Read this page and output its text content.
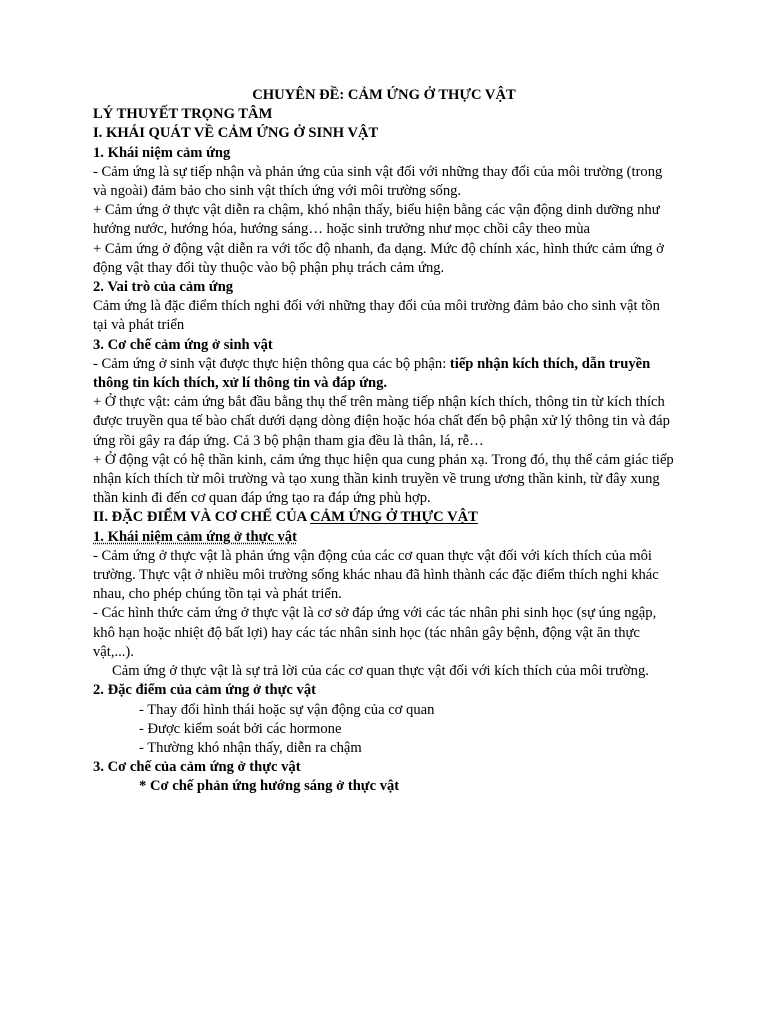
CHUYÊN ĐỀ: CẢM ỨNG Ở THỰC VẬT
LÝ THUYẾT TRỌNG TÂM
I. KHÁI QUÁT VỀ CẢM ỨNG Ở SINH VẬT
1. Khái niệm cảm ứng
- Cảm ứng là sự tiếp nhận và phản ứng của sinh vật đối với những thay đổi của môi trường (trong và ngoài) đảm bảo cho sinh vật thích ứng với môi trường sống.
+ Cảm ứng ở thực vật diễn ra chậm, khó nhận thấy, biểu hiện bằng các vận động dinh dưỡng như hướng nước, hướng hóa, hướng sáng… hoặc sinh trưởng như mọc chồi cây theo mùa
+ Cảm ứng ở động vật diễn ra với tốc độ nhanh, đa dạng. Mức độ chính xác, hình thức cảm ứng ở động vật thay đổi tùy thuộc vào bộ phận phụ trách cảm ứng.
2. Vai trò của cảm ứng
Cảm ứng là đặc điểm thích nghi đối với những thay đổi của môi trường đảm bảo cho sinh vật tồn tại và phát triển
3. Cơ chế cảm ứng ở sinh vật
- Cảm ứng ở sinh vật được thực hiện thông qua các bộ phận: tiếp nhận kích thích, dẫn truyền thông tin kích thích, xử lí thông tin và đáp ứng.
+ Ở thực vật: cảm ứng bắt đầu bằng thụ thể trên màng tiếp nhận kích thích, thông tin từ kích thích được truyền qua tế bào chất dưới dạng dòng điện hoặc hóa chất đến bộ phận xử lý thông tin và đáp ứng rồi gây ra đáp ứng. Cả 3 bộ phận tham gia đều là thân, lá, rễ…
+ Ở động vật có hệ thần kinh, cảm ứng thục hiện qua cung phản xạ. Trong đó, thụ thể cảm giác tiếp nhận kích thích từ môi trường và tạo xung thần kinh truyền về trung ương thần kinh, từ đây xung thần kinh đi đến cơ quan đáp ứng tạo ra đáp ứng phù hợp.
II. ĐẶC ĐIỂM VÀ CƠ CHẾ CỦA CẢM ỨNG Ở THỰC VẬT
1. Khái niệm cảm ứng ở thực vật
- Cảm ứng ở thực vật là phản ứng vận động của các cơ quan thực vật đối với kích thích của môi trường. Thực vật ở nhiều môi trường sống khác nhau đã hình thành các đặc điểm thích nghi khác nhau, cho phép chúng tồn tại và phát triển.
- Các hình thức cảm ứng ở thực vật là cơ sở đáp ứng với các tác nhân phi sinh học (sự úng ngập, khô hạn hoặc nhiệt độ bất lợi) hay các tác nhân sinh học (tác nhân gây bệnh, động vật ăn thực vật,...).
Cảm ứng ở thực vật là sự trả lời của các cơ quan thực vật đối với kích thích của môi trường.
2. Đặc điểm của cảm ứng ở thực vật
- Thay đổi hình thái hoặc sự vận động của cơ quan
- Được kiểm soát bởi các hormone
- Thường khó nhận thấy, diễn ra chậm
3. Cơ chế của cảm ứng ở thực vật
* Cơ chế phản ứng hướng sáng ở thực vật
